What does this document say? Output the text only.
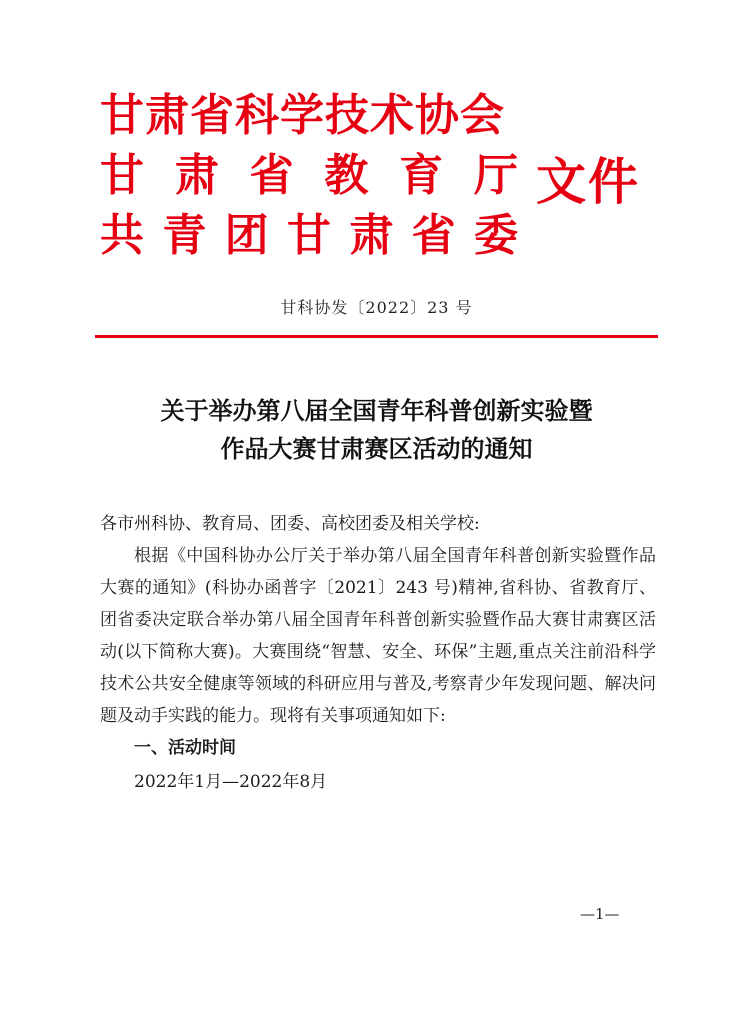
甘肃省科学技术协会
甘肃省教育厅
共青团甘肃省委
文件
甘科协发〔2022〕23 号
关于举办第八届全国青年科普创新实验暨
作品大赛甘肃赛区活动的通知

各市州科协、教育局、团委、高校团委及相关学校:

根据《中国科协办公厅关于举办第八届全国青年科普创新实验暨作品大赛的通知》(科协办函普字〔2021〕243 号)精神,省科协、省教育厅、团省委决定联合举办第八届全国青年科普创新实验暨作品大赛甘肃赛区活动(以下简称大赛)。大赛围绕“智慧、安全、环保”主题,重点关注前沿科学技术公共安全健康等领域的科研应用与普及,考察青少年发现问题、解决问题及动手实践的能力。现将有关事项通知如下:

一、活动时间

2022年1月—2022年8月

—1—
